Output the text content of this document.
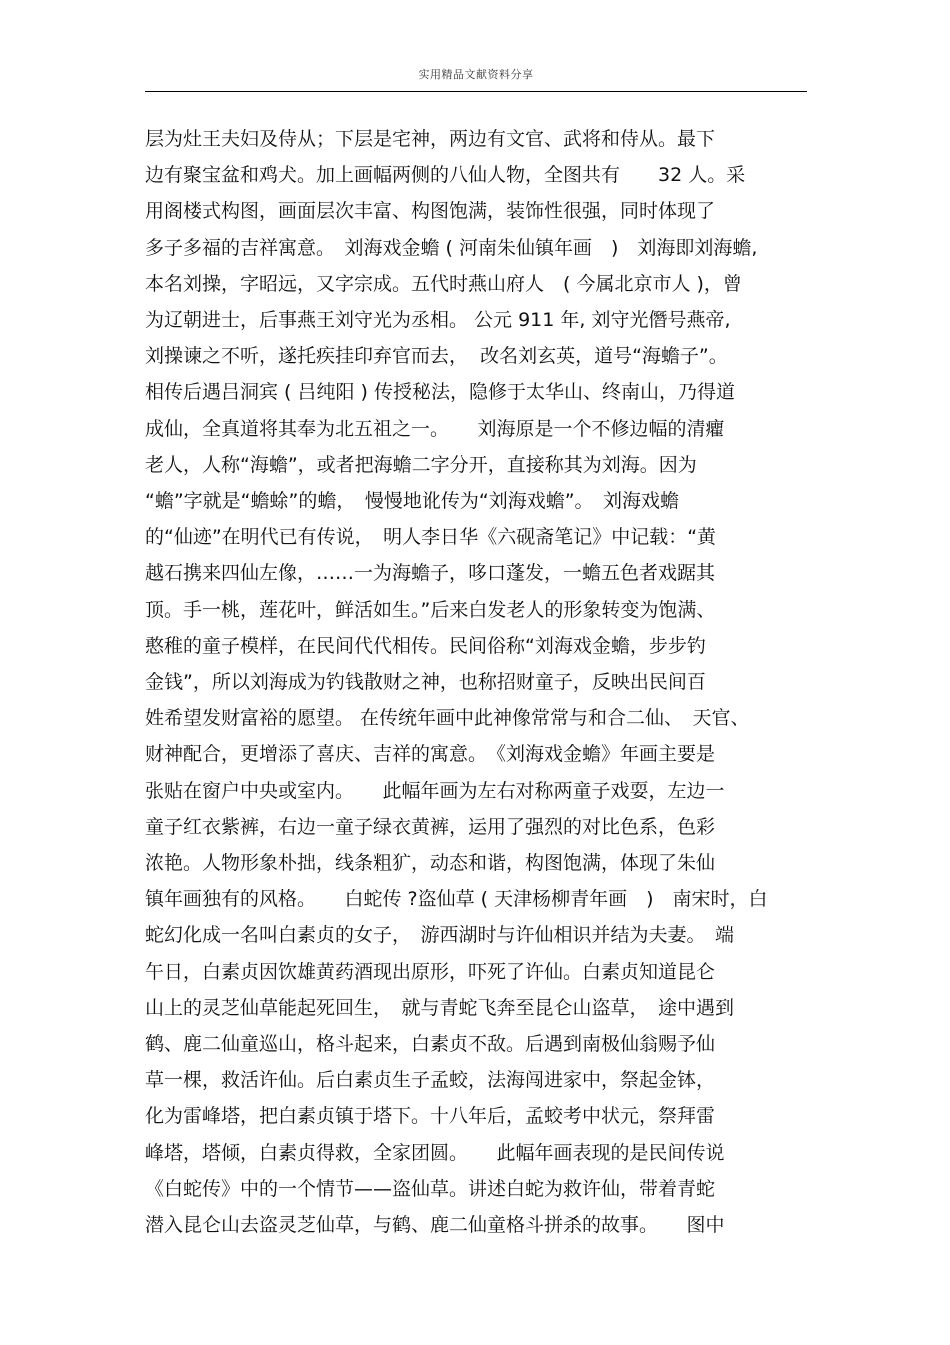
实用精品文献资料分享
层为灶王夫妇及侍从；下层是宅神，两边有文官、武将和侍从。最下
边有聚宝盆和鸡犬。加上画幅两侧的八仙人物，全图共有　　32 人。采
用阁楼式构图，画面层次丰富、构图饱满，装饰性很强，同时体现了
多子多福的吉祥寓意。　刘海戏金蟾 ( 河南朱仙镇年画　)　刘海即刘海蟾,
本名刘操，字昭远，又字宗成。五代时燕山府人　( 今属北京市人 )，曾
为辽朝进士，后事燕王刘守光为丞相。 公元 911 年, 刘守光僭号燕帝,
刘操谏之不听，遂托疾挂印弃官而去，  改名刘玄英，道号“海蟾子”。
相传后遇吕洞宾 ( 吕纯阳 ) 传授秘法，隐修于太华山、终南山，乃得道
成仙，全真道将其奉为北五祖之一。　　刘海原是一个不修边幅的清癯
老人，人称“海蟾”，或者把海蟾二字分开，直接称其为刘海。因为
“蟾”字就是“蟾蜍”的蟾，　慢慢地讹传为“刘海戏蟾”。　刘海戏蟾
的“仙迹”在明代已有传说，　明人李日华《六砚斋笔记》中记载：“黄
越石携来四仙左像，……一为海蟾子，哆口蓬发，一蟾五色者戏踞其
顶。手一桃，莲花叶，鲜活如生。”后来白发老人的形象转变为饱满、
憨稚的童子模样，在民间代代相传。民间俗称“刘海戏金蟾，步步钓
金钱”，所以刘海成为钓钱散财之神，也称招财童子，反映出民间百
姓希望发财富裕的愿望。 在传统年画中此神像常常与和合二仙、　天官、
财神配合，更增添了喜庆、吉祥的寓意。　《刘海戏金蟾》年画主要是
张贴在窗户中央或室内。　　此幅年画为左右对称两童子戏耍，左边一
童子红衣紫裤，右边一童子绿衣黄裤，运用了强烈的对比色系，色彩
浓艳。人物形象朴拙，线条粗犷，动态和谐，构图饱满，体现了朱仙
镇年画独有的风格。　　白蛇传 ?盗仙草 ( 天津杨柳青年画　)　南宋时，白
蛇幻化成一名叫白素贞的女子，　游西湖时与许仙相识并结为夫妻。　端
午日，白素贞因饮雄黄药酒现出原形，吓死了许仙。白素贞知道昆仑
山上的灵芝仙草能起死回生，　就与青蛇飞奔至昆仑山盗草，　途中遇到
鹤、鹿二仙童巡山，格斗起来，白素贞不敌。后遇到南极仙翁赐予仙
草一棵，救活许仙。后白素贞生子孟蛟，法海闯进家中，祭起金钵，
化为雷峰塔，把白素贞镇于塔下。十八年后，孟蛟考中状元，祭拜雷
峰塔，塔倾，白素贞得救，全家团圆。　　此幅年画表现的是民间传说
《白蛇传》中的一个情节——盗仙草。讲述白蛇为救许仙，带着青蛇
潜入昆仑山去盗灵芝仙草，与鹤、鹿二仙童格斗拼杀的故事。　　图中
